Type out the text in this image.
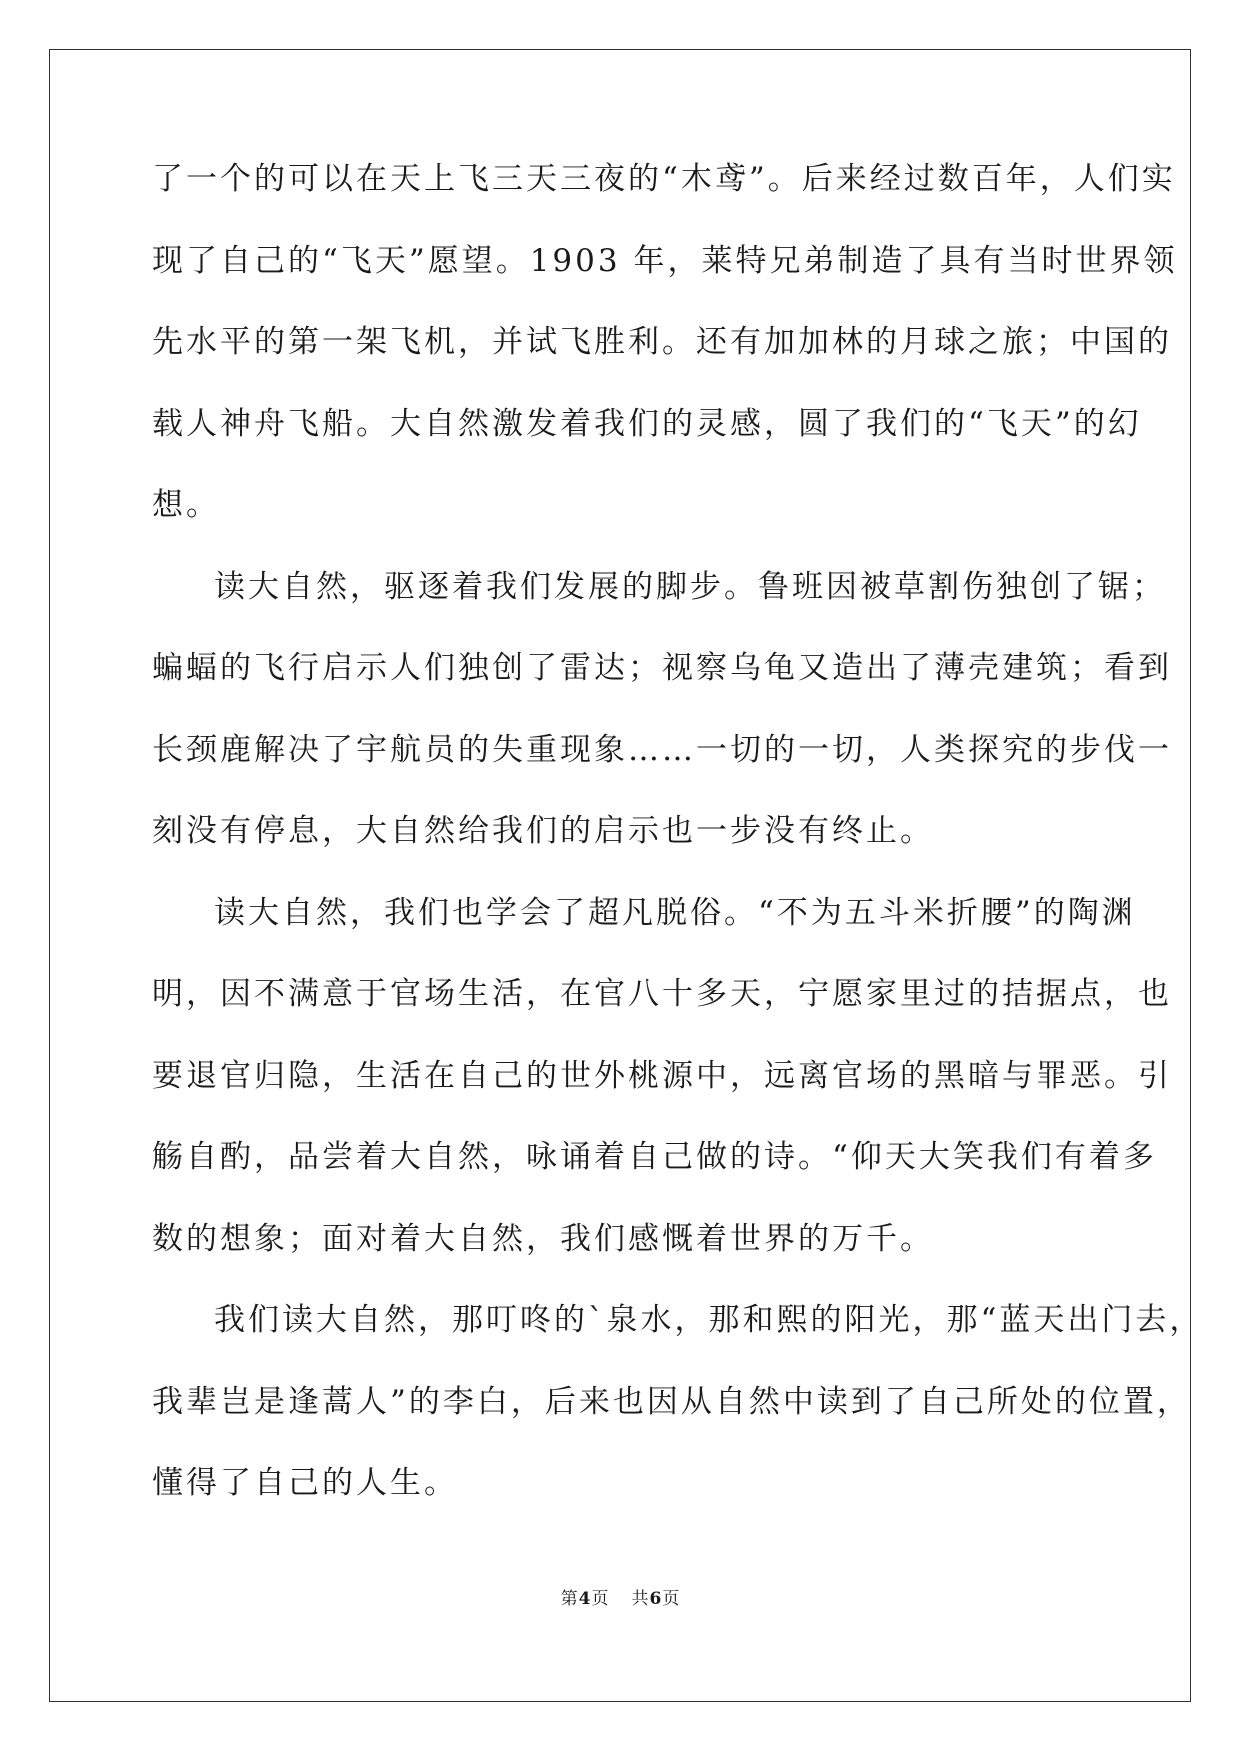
了一个的可以在天上飞三天三夜的“木鸢”。后来经过数百年，人们实

现了自己的“飞天”愿望。1903 年，莱特兄弟制造了具有当时世界领

先水平的第一架飞机，并试飞胜利。还有加加林的月球之旅；中国的

载人神舟飞船。大自然激发着我们的灵感，圆了我们的“飞天”的幻

想。

读大自然，驱逐着我们发展的脚步。鲁班因被草割伤独创了锯；

蝙蝠的飞行启示人们独创了雷达；视察乌龟又造出了薄壳建筑；看到

长颈鹿解决了宇航员的失重现象……一切的一切，人类探究的步伐一

刻没有停息，大自然给我们的启示也一步没有终止。

读大自然，我们也学会了超凡脱俗。“不为五斗米折腰”的陶渊

明，因不满意于官场生活，在官八十多天，宁愿家里过的拮据点，也

要退官归隐，生活在自己的世外桃源中，远离官场的黑暗与罪恶。引

觞自酌，品尝着大自然，咏诵着自己做的诗。“仰天大笑我们有着多

数的想象；面对着大自然，我们感慨着世界的万千。

我们读大自然，那叮咚的`泉水，那和熙的阳光，那“蓝天出门去，

我辈岂是逢蒿人”的李白，后来也因从自然中读到了自己所处的位置，

懂得了自己的人生。

第4页 共6页
